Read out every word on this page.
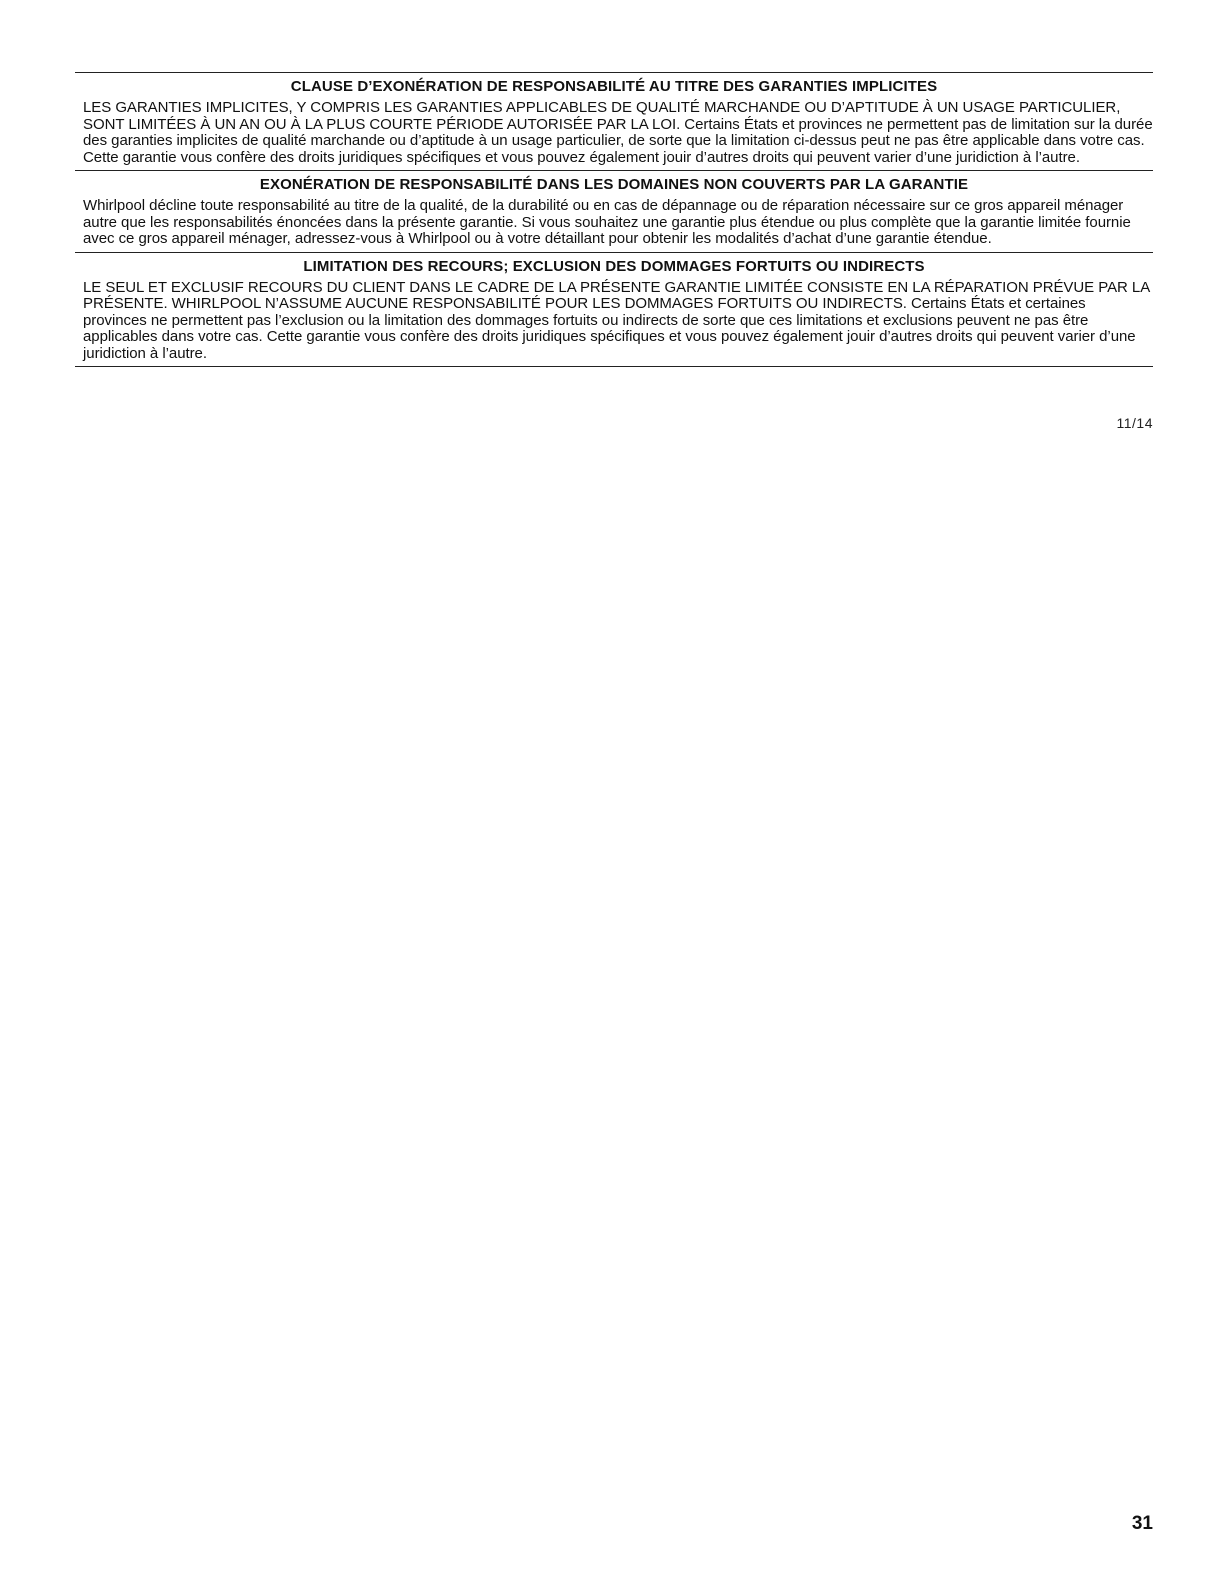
CLAUSE D’EXONÉRATION DE RESPONSABILITÉ AU TITRE DES GARANTIES IMPLICITES
LES GARANTIES IMPLICITES, Y COMPRIS LES GARANTIES APPLICABLES DE QUALITÉ MARCHANDE OU D’APTITUDE À UN USAGE PARTICULIER, SONT LIMITÉES À UN AN OU À LA PLUS COURTE PÉRIODE AUTORISÉE PAR LA LOI. Certains États et provinces ne permettent pas de limitation sur la durée des garanties implicites de qualité marchande ou d’aptitude à un usage particulier, de sorte que la limitation ci-dessus peut ne pas être applicable dans votre cas. Cette garantie vous confère des droits juridiques spécifiques et vous pouvez également jouir d’autres droits qui peuvent varier d’une juridiction à l’autre.
EXONÉRATION DE RESPONSABILITÉ DANS LES DOMAINES NON COUVERTS PAR LA GARANTIE
Whirlpool décline toute responsabilité au titre de la qualité, de la durabilité ou en cas de dépannage ou de réparation nécessaire sur ce gros appareil ménager autre que les responsabilités énoncées dans la présente garantie. Si vous souhaitez une garantie plus étendue ou plus complète que la garantie limitée fournie avec ce gros appareil ménager, adressez-vous à Whirlpool ou à votre détaillant pour obtenir les modalités d’achat d’une garantie étendue.
LIMITATION DES RECOURS; EXCLUSION DES DOMMAGES FORTUITS OU INDIRECTS
LE SEUL ET EXCLUSIF RECOURS DU CLIENT DANS LE CADRE DE LA PRÉSENTE GARANTIE LIMITÉE CONSISTE EN LA RÉPARATION PRÉVUE PAR LA PRÉSENTE. WHIRLPOOL N’ASSUME AUCUNE RESPONSABILITÉ POUR LES DOMMAGES FORTUITS OU INDIRECTS. Certains États et certaines provinces ne permettent pas l’exclusion ou la limitation des dommages fortuits ou indirects de sorte que ces limitations et exclusions peuvent ne pas être applicables dans votre cas. Cette garantie vous confère des droits juridiques spécifiques et vous pouvez également jouir d’autres droits qui peuvent varier d’une juridiction à l’autre.
11/14
31
